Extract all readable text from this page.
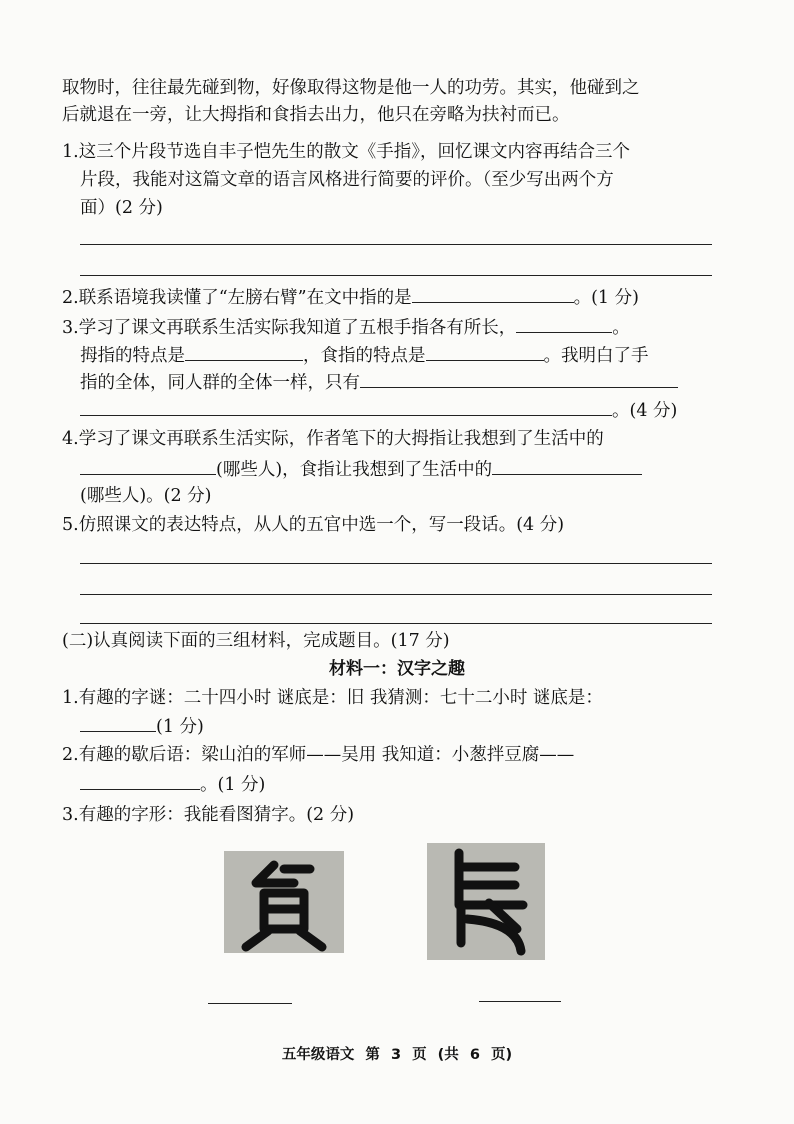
取物时，往往最先碰到物，好像取得这物是他一人的功劳。其实，他碰到之
后就退在一旁，让大拇指和食指去出力，他只在旁略为扶衬而已。
1.这三个片段节选自丰子恺先生的散文《手指》，回忆课文内容再结合三个
片段，我能对这篇文章的语言风格进行简要的评价。（至少写出两个方
面）(2 分)
2.联系语境我读懂了“左膀右臂”在文中指的是	。(1 分)
3.学习了课文再联系生活实际我知道了五根手指各有所长，	。
拇指的特点是	，食指的特点是	。我明白了手
指的全体，同人群的全体一样，只有
。(4 分)
4.学习了课文再联系生活实际，作者笔下的大拇指让我想到了生活中的
(哪些人)，食指让我想到了生活中的
(哪些人)。(2 分)
5.仿照课文的表达特点，从人的五官中选一个，写一段话。(4 分)
(二)认真阅读下面的三组材料，完成题目。(17 分)
材料一：汉字之趣
1.有趣的字谜：二十四小时 谜底是：旧 我猜测：七十二小时 谜底是：
(1 分)
2.有趣的歇后语：梁山泊的军师——吴用 我知道：小葱拌豆腐——
。(1 分)
3.有趣的字形：我能看图猜字。(2 分)
五年级语文 第 3 页 (共 6 页)
